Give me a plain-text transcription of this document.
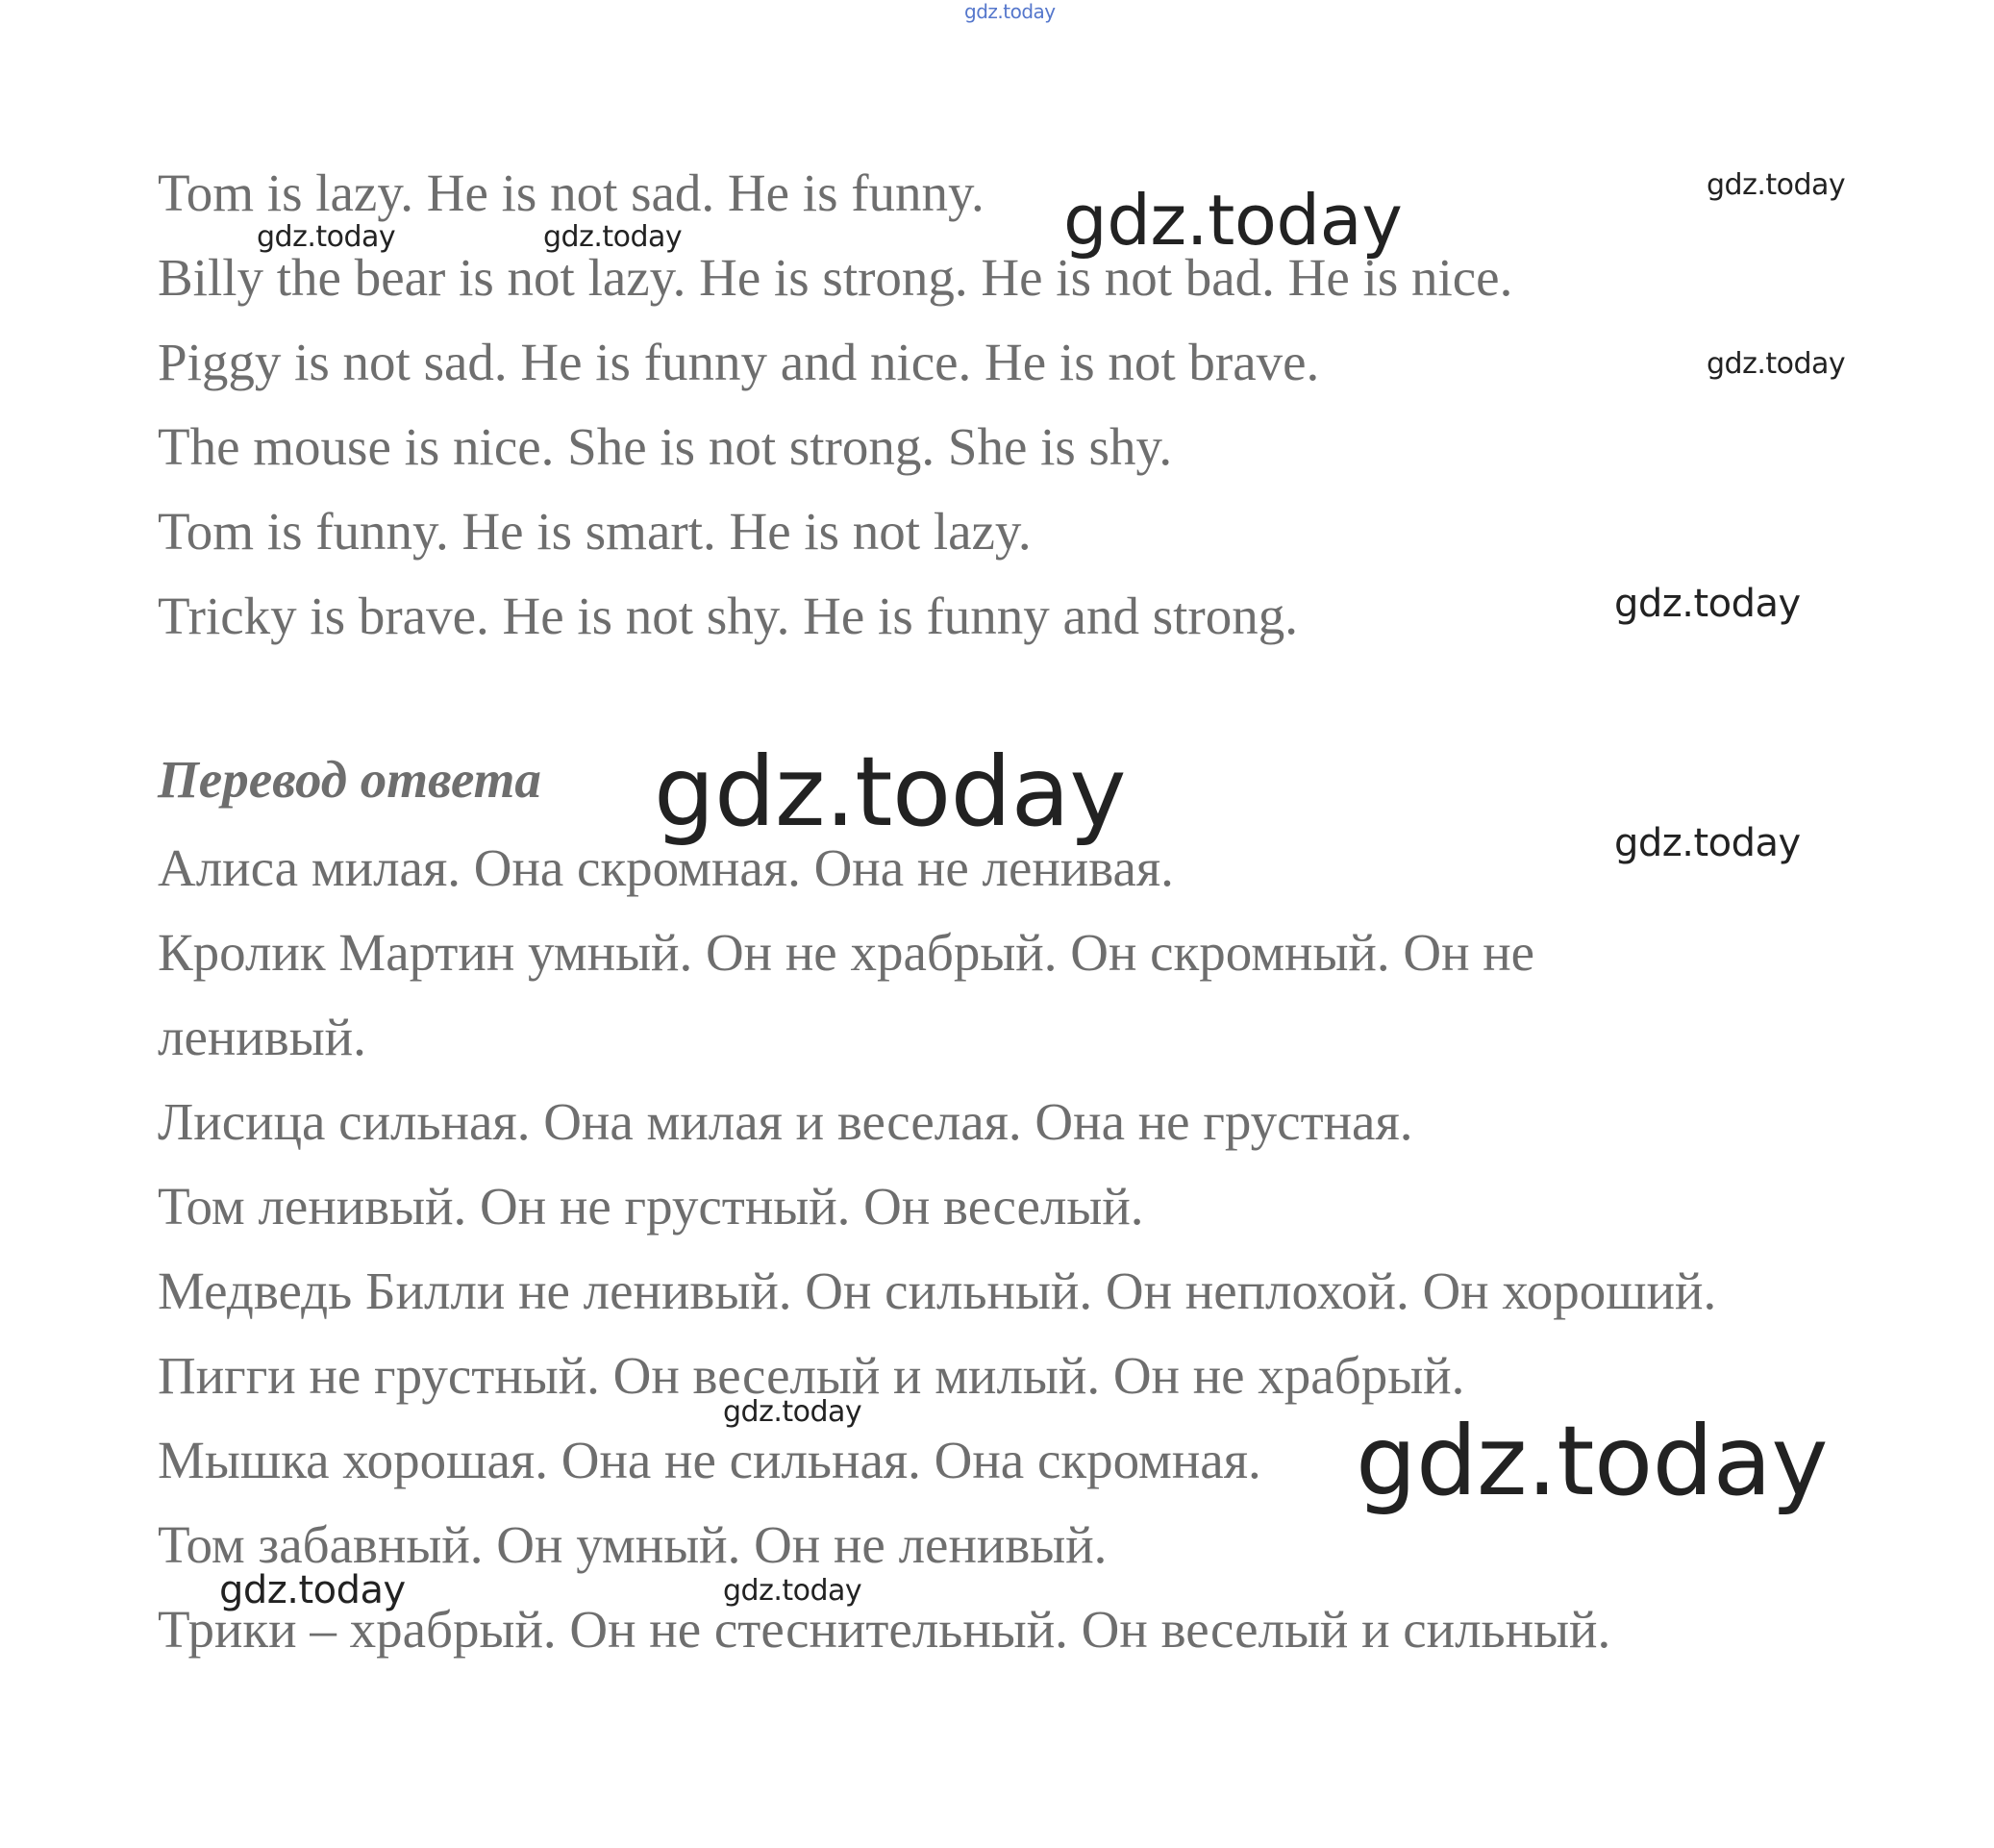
Tom is lazy. He is not sad. He is funny.

Billy the bear is not lazy. He is strong. He is not bad. He is nice.

Piggy is not sad. He is funny and nice. He is not brave.

The mouse is nice. She is not strong. She is shy.

Tom is funny. He is smart. He is not lazy.

Tricky is brave. He is not shy. He is funny and strong.

Перевод ответа

Алиса милая. Она скромная. Она не ленивая.

Кролик Мартин умный. Он не храбрый. Он скромный. Он не

ленивый.

Лисица сильная. Она милая и веселая. Она не грустная.

Том ленивый. Он не грустный. Он веселый.

Медведь Билли не ленивый. Он сильный. Он неплохой. Он хороший.

Пигги не грустный. Он веселый и милый. Он не храбрый.

Мышка хорошая. Она не сильная. Она скромная.

Том забавный. Он умный. Он не ленивый.

Трики – храбрый. Он не стеснительный. Он веселый и сильный.

gdz.today
gdz.today	gdz.today
gdz.today	gdz.today
gdz.today
gdz.today
gdz.today	gdz.today
gdz.today	gdz.today
gdz.today	gdz.today
